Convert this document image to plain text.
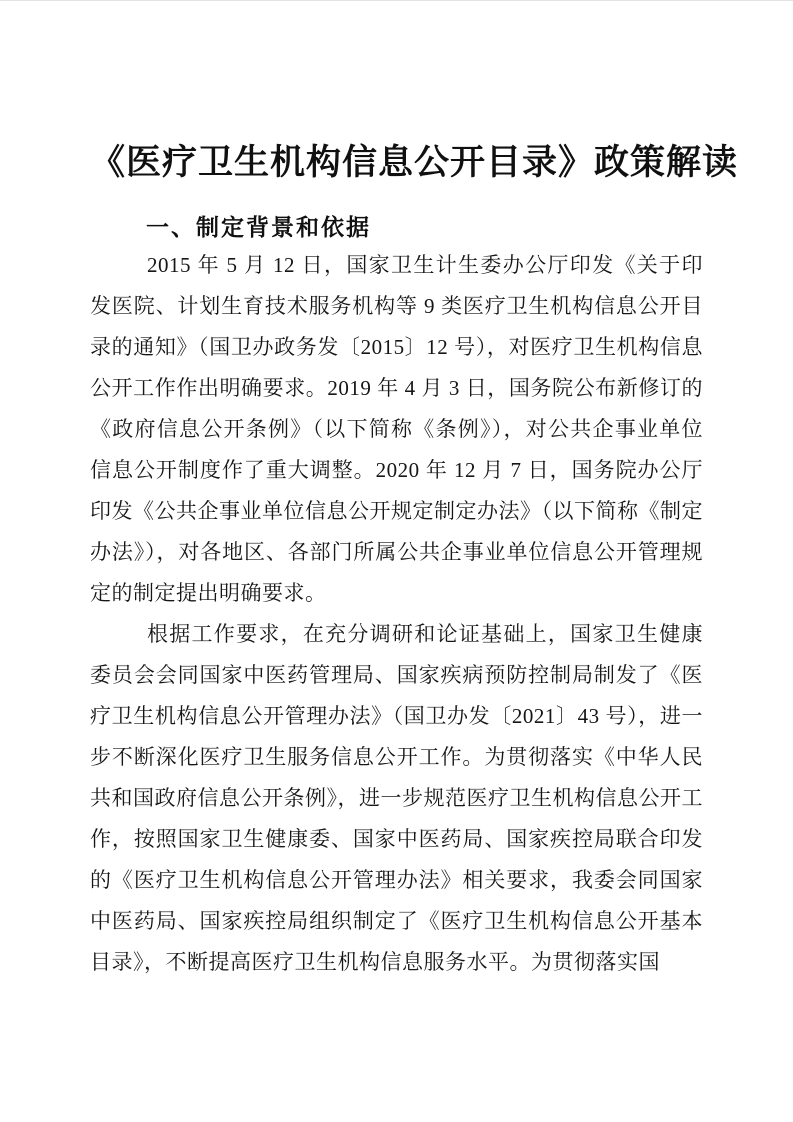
《医疗卫生机构信息公开目录》政策解读
一、制定背景和依据

2015 年 5 月 12 日，国家卫生计生委办公厅印发《关于印发医院、计划生育技术服务机构等 9 类医疗卫生机构信息公开目录的通知》（国卫办政务发〔2015〕12 号），对医疗卫生机构信息公开工作作出明确要求。2019 年 4 月 3 日，国务院公布新修订的《政府信息公开条例》（以下简称《条例》），对公共企事业单位信息公开制度作了重大调整。2020 年 12 月 7 日，国务院办公厅印发《公共企事业单位信息公开规定制定办法》（以下简称《制定办法》），对各地区、各部门所属公共企事业单位信息公开管理规定的制定提出明确要求。

根据工作要求，在充分调研和论证基础上，国家卫生健康委员会会同国家中医药管理局、国家疾病预防控制局制发了《医疗卫生机构信息公开管理办法》（国卫办发〔2021〕43 号），进一步不断深化医疗卫生服务信息公开工作。为贯彻落实《中华人民共和国政府信息公开条例》，进一步规范医疗卫生机构信息公开工作，按照国家卫生健康委、国家中医药局、国家疾控局联合印发的《医疗卫生机构信息公开管理办法》相关要求，我委会同国家中医药局、国家疾控局组织制定了《医疗卫生机构信息公开基本目录》，不断提高医疗卫生机构信息服务水平。为贯彻落实国
